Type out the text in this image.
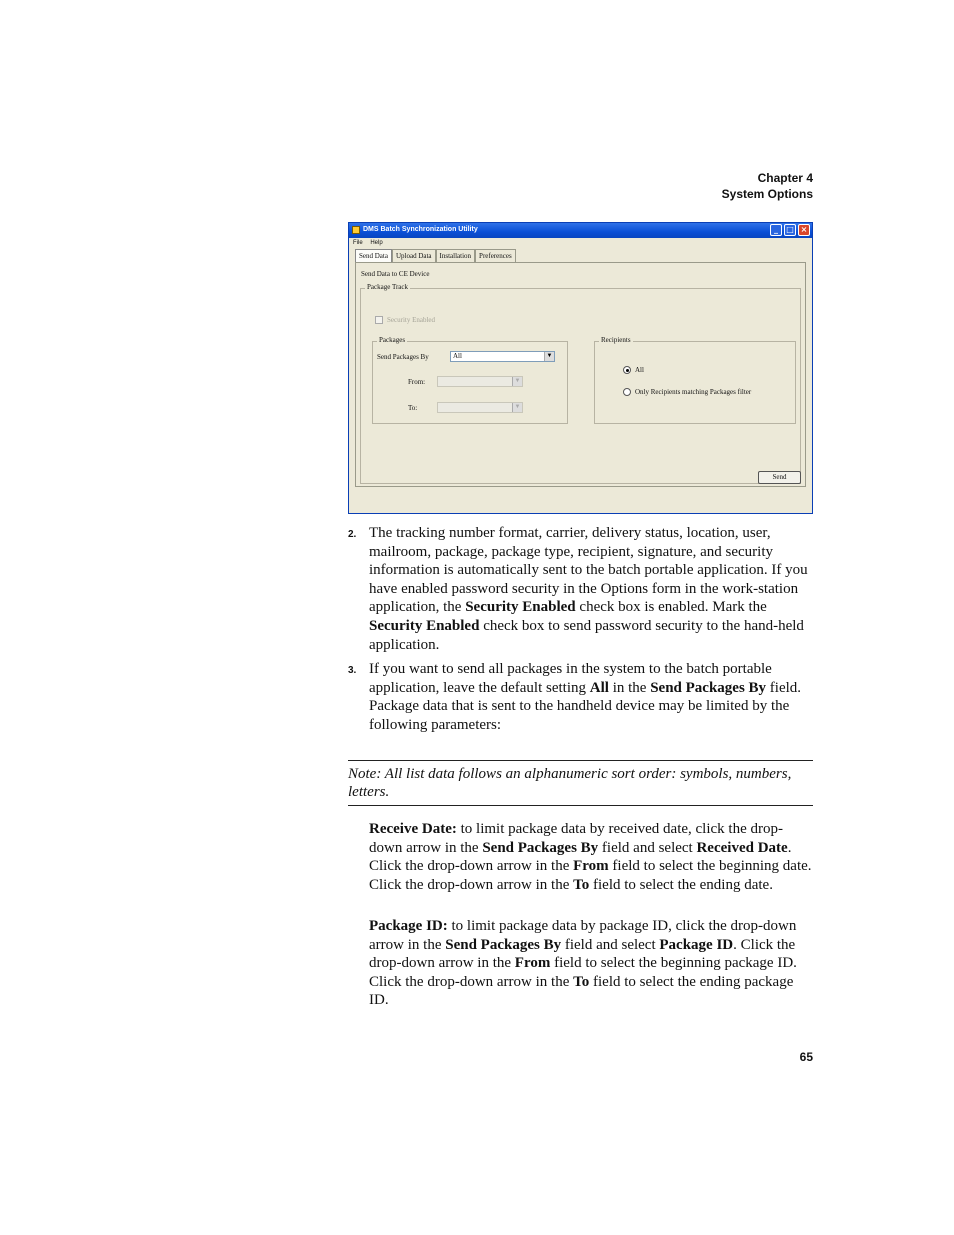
Chapter 4
System Options
DMS Batch Synchronization Utility	_	□ ×
File Help
Send Data	Upload Data	Installation	Preferences
Send Data to CE Device
Package Track
Security Enabled
Packages
Send Packages By	All	▼
From:	▼
To:	▼
Recipients
All
Only Recipients matching Packages filter
Send
2. The tracking number format, carrier, delivery status, location, user, mailroom, package, package type, recipient, signature, and security information is automatically sent to the batch portable application. If you have enabled password security in the Options form in the work-station application, the Security Enabled check box is enabled. Mark the Security Enabled check box to send password security to the hand-held application.
3. If you want to send all packages in the system to the batch portable application, leave the default setting All in the Send Packages By field. Package data that is sent to the handheld device may be limited by the following parameters:
Note: All list data follows an alphanumeric sort order: symbols, numbers, letters.
Receive Date: to limit package data by received date, click the drop-down arrow in the Send Packages By field and select Received Date. Click the drop-down arrow in the From field to select the beginning date. Click the drop-down arrow in the To field to select the ending date.
Package ID: to limit package data by package ID, click the drop-down arrow in the Send Packages By field and select Package ID. Click the drop-down arrow in the From field to select the beginning package ID. Click the drop-down arrow in the To field to select the ending package ID.
65
